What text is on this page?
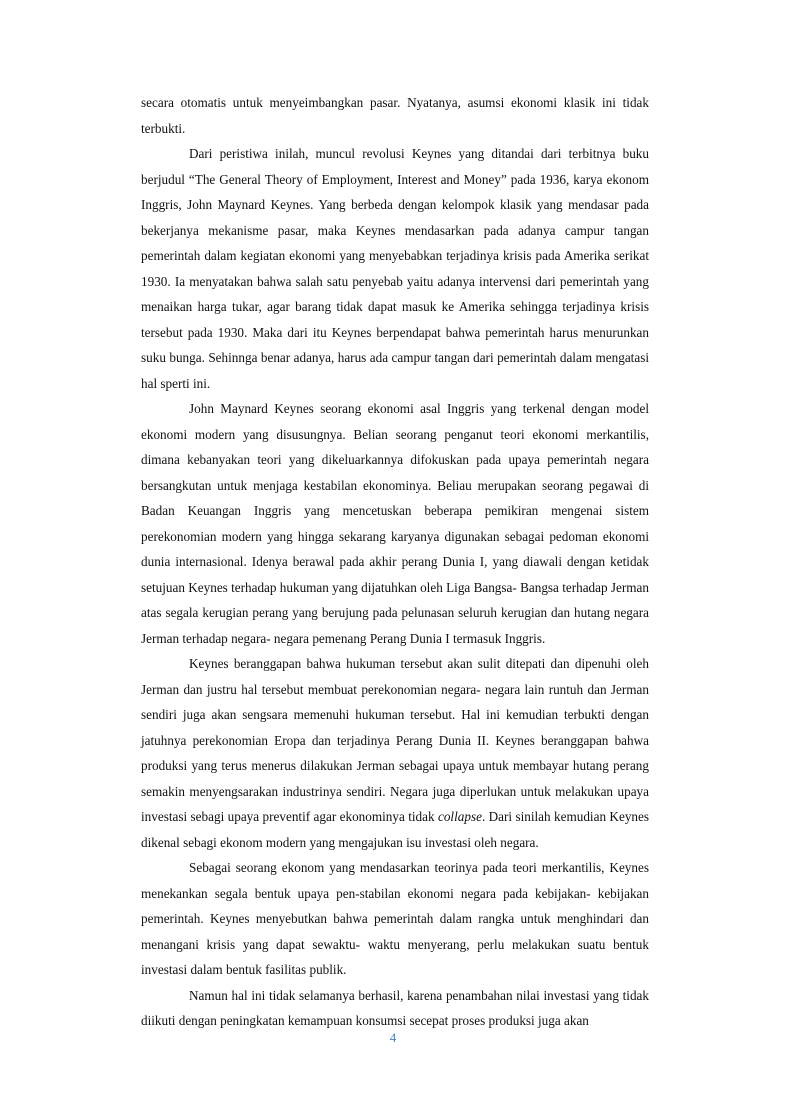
secara otomatis untuk menyeimbangkan pasar. Nyatanya, asumsi ekonomi klasik ini tidak terbukti.

Dari peristiwa inilah, muncul revolusi Keynes yang ditandai dari terbitnya buku berjudul “The General Theory of Employment, Interest and Money” pada 1936, karya ekonom Inggris, John Maynard Keynes. Yang berbeda dengan kelompok klasik yang mendasar pada bekerjanya mekanisme pasar, maka Keynes mendasarkan pada adanya campur tangan pemerintah dalam kegiatan ekonomi yang menyebabkan terjadinya krisis pada Amerika serikat 1930. Ia menyatakan bahwa salah satu penyebab yaitu adanya intervensi dari pemerintah yang menaikan harga tukar, agar barang tidak dapat masuk ke Amerika sehingga terjadinya krisis tersebut pada 1930. Maka dari itu Keynes berpendapat bahwa pemerintah harus menurunkan suku bunga. Sehinnga benar adanya, harus ada campur tangan dari pemerintah dalam mengatasi hal sperti ini.

John Maynard Keynes seorang ekonomi asal Inggris yang terkenal dengan model ekonomi modern yang disusungnya. Belian seorang penganut teori ekonomi merkantilis, dimana kebanyakan teori yang dikeluarkannya difokuskan pada upaya pemerintah negara bersangkutan untuk menjaga kestabilan ekonominya. Beliau merupakan seorang pegawai di Badan Keuangan Inggris yang mencetuskan beberapa pemikiran mengenai sistem perekonomian modern yang hingga sekarang karyanya digunakan sebagai pedoman ekonomi dunia internasional. Idenya berawal pada akhir perang Dunia I, yang diawali dengan ketidak setujuan Keynes terhadap hukuman yang dijatuhkan oleh Liga Bangsa- Bangsa terhadap Jerman atas segala kerugian perang yang berujung pada pelunasan seluruh kerugian dan hutang negara Jerman terhadap negara- negara pemenang Perang Dunia I termasuk Inggris.

Keynes beranggapan bahwa hukuman tersebut akan sulit ditepati dan dipenuhi oleh Jerman dan justru hal tersebut membuat perekonomian negara- negara lain runtuh dan Jerman sendiri juga akan sengsara memenuhi hukuman tersebut. Hal ini kemudian terbukti dengan jatuhnya perekonomian Eropa dan terjadinya Perang Dunia II. Keynes beranggapan bahwa produksi yang terus menerus dilakukan Jerman sebagai upaya untuk membayar hutang perang semakin menyengsarakan industrinya sendiri. Negara juga diperlukan untuk melakukan upaya investasi sebagi upaya preventif agar ekonominya tidak collapse. Dari sinilah kemudian Keynes dikenal sebagi ekonom modern yang mengajukan isu investasi oleh negara.

Sebagai seorang ekonom yang mendasarkan teorinya pada teori merkantilis, Keynes menekankan segala bentuk upaya pen-stabilan ekonomi negara pada kebijakan- kebijakan pemerintah. Keynes menyebutkan bahwa pemerintah dalam rangka untuk menghindari dan menangani krisis yang dapat sewaktu- waktu menyerang, perlu melakukan suatu bentuk investasi dalam bentuk fasilitas publik.

Namun hal ini tidak selamanya berhasil, karena penambahan nilai investasi yang tidak diikuti dengan peningkatan kemampuan konsumsi secepat proses produksi juga akan

4
